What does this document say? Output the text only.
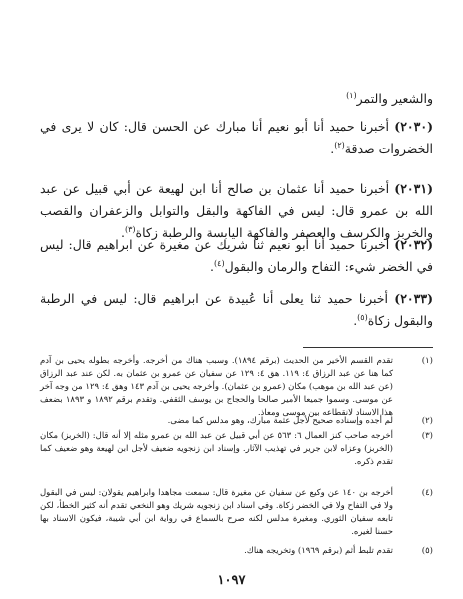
والشعير والتمر$^{(١)}$

(٢٠٣٠) أخبرنا حميد أنا أبو نعيم أنا مبارك عن الحسن قال: كان لا يرى في الخضروات صدقة$^{(٢)}$.

(٢٠٣١) أخبرنا حميد أنا عثمان بن صالح أنا ابن لهيعة عن أبي قبيل عن عبد الله بن عمرو قال: ليس في الفاكهة والبقل والتوابل والزعفران والقصب والخربز والكرسف والعصفر والفاكهة اليابسة والرطبة زكاة$^{(٣)}$.

(٢٠٣٢) أخبرنا حميد أنا أبو نعيم ثنا شريك عن مغيرة عن ابراهيم قال: ليس في الخضر شيء: التفاح والرمان والبقول$^{(٤)}$.

(٢٠٣٣) أخبرنا حميد ثنا يعلى أنا عُبيدة عن ابراهيم قال: ليس في الرطبة والبقول زكاة$^{(٥)}$.

(١)
تقدم القسم الأخير من الحديث (برقم ١٨٩٤). وسبب هناك من أخرجه. وأخرجه بطوله يحيى بن آدم كما هنا عن عبد الرزاق ٤: ١١٩. هق ٤: ١٢٩ عن سفيان عن عمرو بن عثمان به. لكن عند عبد الرزاق (عن عبد الله بن موهب) مكان (عمرو بن عثمان). وأخرجه يحيى بن آدم ١٤٣ وهق ٤: ١٢٩ من وجه آخر عن موسى. وسموا جميعا الأمير صالحا والحجاج بن يوسف الثقفي. وتقدم برقم ١٨٩٢ و ١٨٩٣ بضعف هذا الاسناد لانقطاعه بين موسى ومعاذ.
(٢)
لم أجده وإسناده صحيح لأجل عثمة مبارك، وهو مدلس كما مضى.
(٣)
أخرجه صاحب كنز العمال ٦: ٥٦٣ عن أبي قبيل عن عبد الله بن عمرو مثله إلا أنه قال: (الخربز) مكان (الخربز) وعزاه لابن جرير في تهذيب الآثار. وإسناد ابن زنجويه ضعيف لأجل ابن لهيعة وهو ضعيف كما تقدم ذكره.
(٤)
أخرجه بن ١٤٠ عن وكيع عن سفيان عن مغيرة قال: سمعت مجاهدا وابراهيم يقولان: ليس في البقول ولا في التفاح ولا في الخضر زكاة. وفي اسناد ابن زنجويه شريك وهو النخعي تقدم أنه كثير الخطأ، لكن تابعه سفيان الثوري. ومغيرة مدلس لكنه صرح بالسماع في رواية ابن أبي شيبة، فيكون الاسناد بها حسنا لغيره.
(٥)
تقدم تلبط أثم (برقم ١٩٦٩) وتخريجه هناك.
١٠٩٧
